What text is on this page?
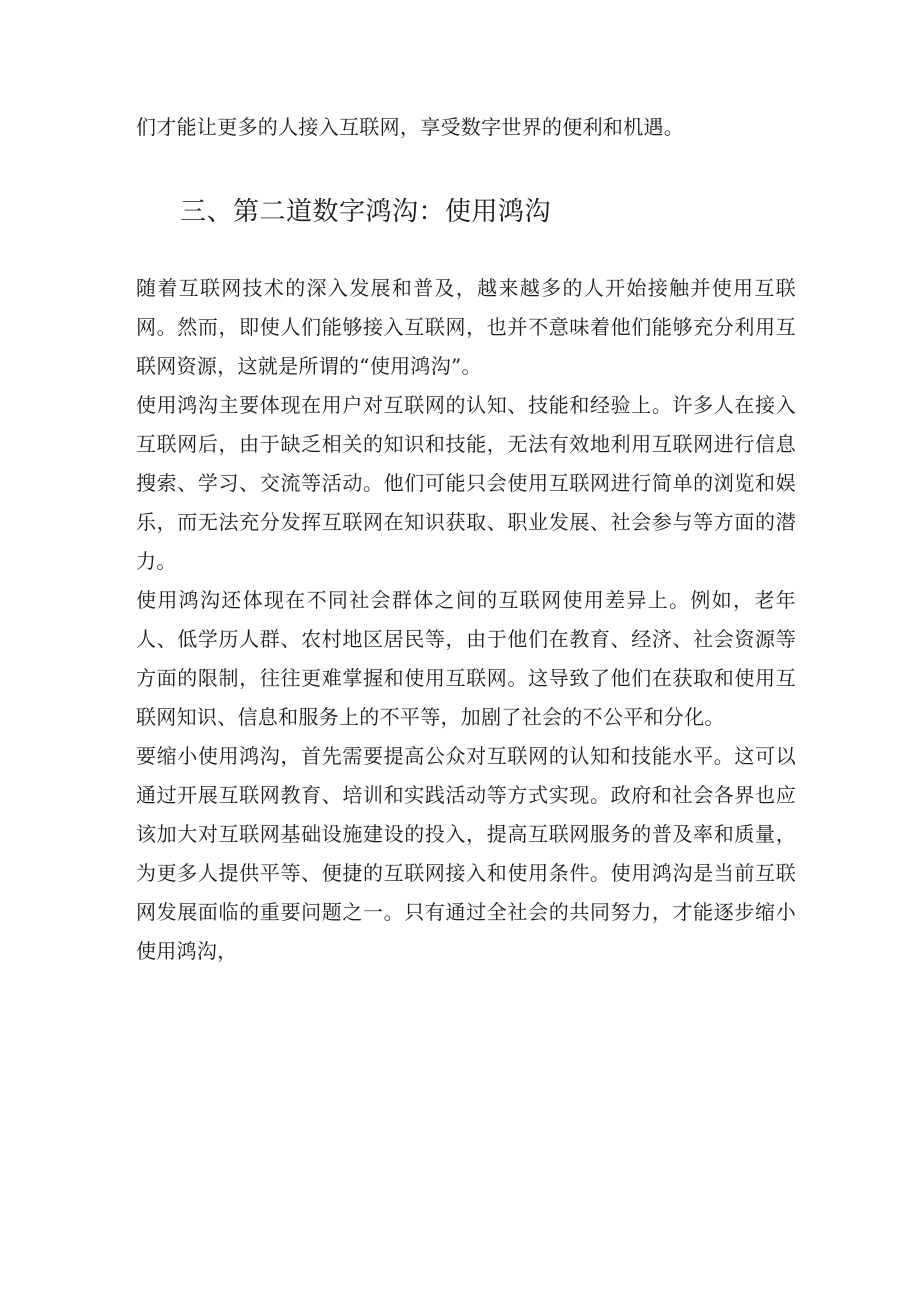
们才能让更多的人接入互联网，享受数字世界的便利和机遇。

三、第二道数字鸿沟：使用鸿沟

随着互联网技术的深入发展和普及，越来越多的人开始接触并使用互联网。然而，即使人们能够接入互联网，也并不意味着他们能够充分利用互联网资源，这就是所谓的“使用鸿沟”。

使用鸿沟主要体现在用户对互联网的认知、技能和经验上。许多人在接入互联网后，由于缺乏相关的知识和技能，无法有效地利用互联网进行信息搜索、学习、交流等活动。他们可能只会使用互联网进行简单的浏览和娱乐，而无法充分发挥互联网在知识获取、职业发展、社会参与等方面的潜力。

使用鸿沟还体现在不同社会群体之间的互联网使用差异上。例如，老年人、低学历人群、农村地区居民等，由于他们在教育、经济、社会资源等方面的限制，往往更难掌握和使用互联网。这导致了他们在获取和使用互联网知识、信息和服务上的不平等，加剧了社会的不公平和分化。

要缩小使用鸿沟，首先需要提高公众对互联网的认知和技能水平。这可以通过开展互联网教育、培训和实践活动等方式实现。政府和社会各界也应该加大对互联网基础设施建设的投入，提高互联网服务的普及率和质量，为更多人提供平等、便捷的互联网接入和使用条件。使用鸿沟是当前互联网发展面临的重要问题之一。只有通过全社会的共同努力，才能逐步缩小使用鸿沟，
